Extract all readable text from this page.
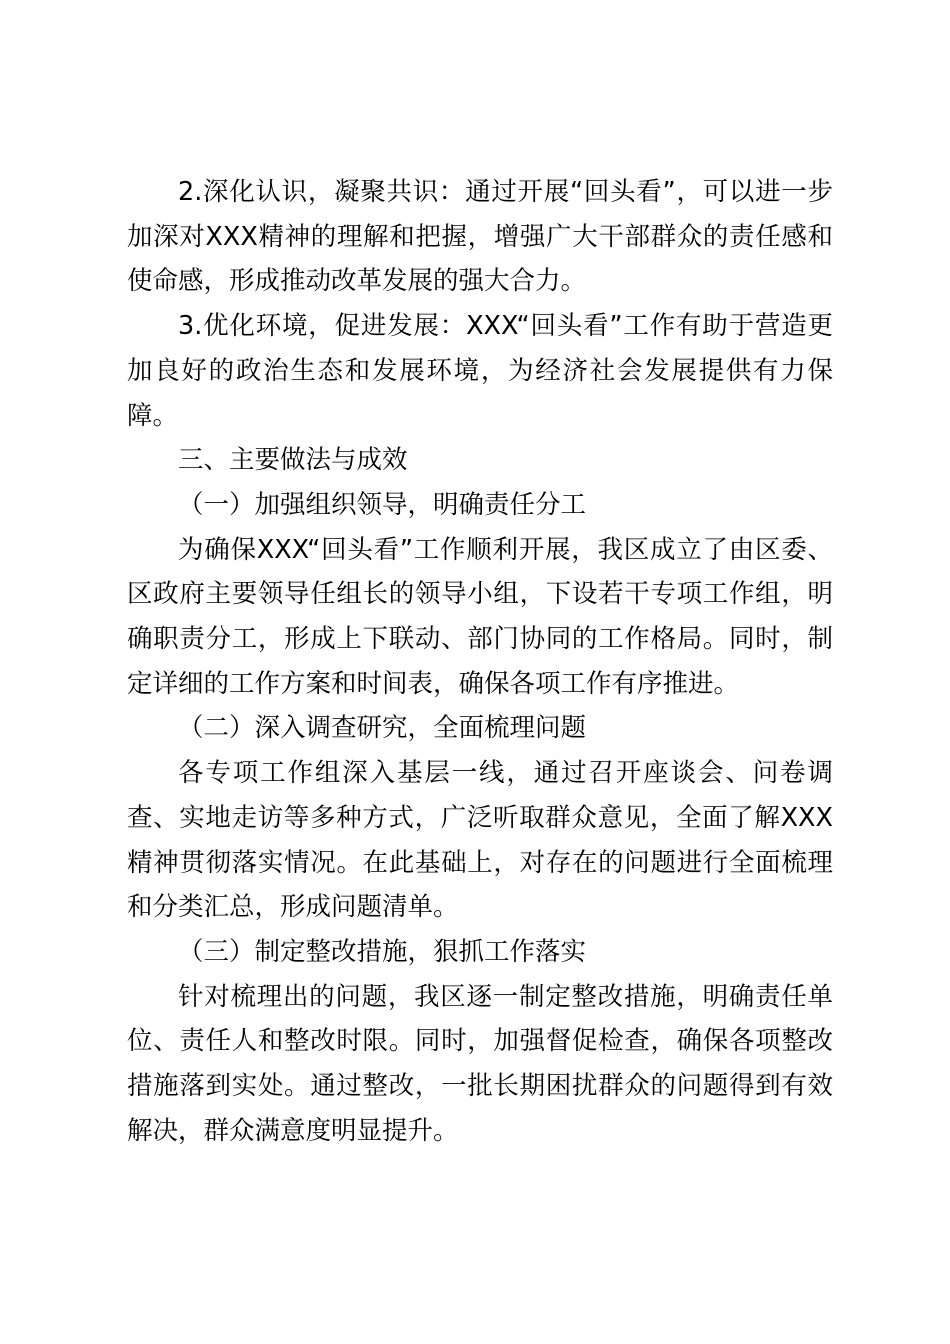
2.深化认识，凝聚共识：通过开展“回头看”，可以进一步加深对XXX精神的理解和把握，增强广大干部群众的责任感和使命感，形成推动改革发展的强大合力。

3.优化环境，促进发展：XXX“回头看”工作有助于营造更加良好的政治生态和发展环境，为经济社会发展提供有力保障。

三、主要做法与成效

（一）加强组织领导，明确责任分工

为确保XXX“回头看”工作顺利开展，我区成立了由区委、区政府主要领导任组长的领导小组，下设若干专项工作组，明确职责分工，形成上下联动、部门协同的工作格局。同时，制定详细的工作方案和时间表，确保各项工作有序推进。

（二）深入调查研究，全面梳理问题

各专项工作组深入基层一线，通过召开座谈会、问卷调查、实地走访等多种方式，广泛听取群众意见，全面了解XXX精神贯彻落实情况。在此基础上，对存在的问题进行全面梳理和分类汇总，形成问题清单。

（三）制定整改措施，狠抓工作落实

针对梳理出的问题，我区逐一制定整改措施，明确责任单位、责任人和整改时限。同时，加强督促检查，确保各项整改措施落到实处。通过整改，一批长期困扰群众的问题得到有效解决，群众满意度明显提升。
